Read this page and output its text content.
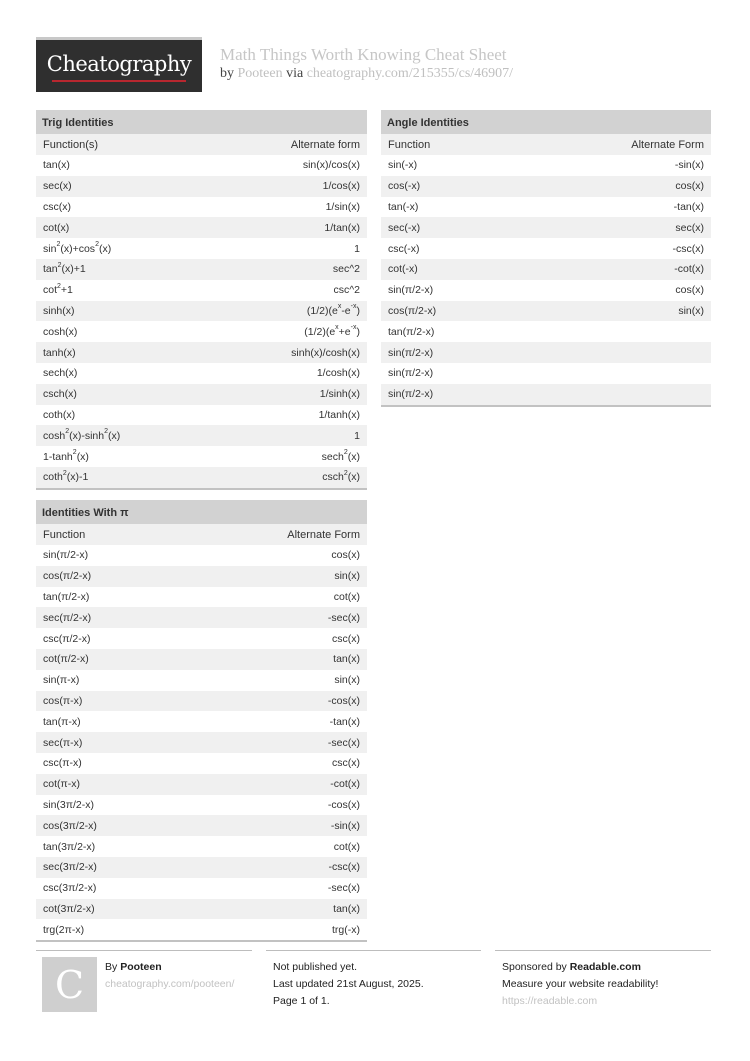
Cheatography	Math Things Worth Knowing Cheat Sheet
by Pooteen via cheatography.com/215355/cs/46907/
Trig Identities
Function(s)	Alternate form
tan(x)	sin(x)/cos(x)
sec(x)	1/cos(x)
csc(x)	1/sin(x)
cot(x)	1/tan(x)
$\sin^2(x)+\cos^2(x)$	1
$\tan^2(x)+1$	sec^2
$\cot^2+1$	csc^2
sinh(x)	$(1/2)(e^x-e^{-x})$
cosh(x)	$(1/2)(e^x+e^{-x})$
tanh(x)	sinh(x)/cosh(x)
sech(x)	1/cosh(x)
csch(x)	1/sinh(x)
coth(x)	1/tanh(x)
$\cosh^2(x)-\sinh^2(x)$	1
$1-\tanh^2(x)$	sech$^2$(x)
coth$^2$(x)-1	csch$^2$(x)
Identities With π
Function	Alternate Form
sin(π/2-x)	cos(x)
cos(π/2-x)	sin(x)
tan(π/2-x)	cot(x)
sec(π/2-x)	-sec(x)
csc(π/2-x)	csc(x)
cot(π/2-x)	tan(x)
sin(π-x)	sin(x)
cos(π-x)	-cos(x)
tan(π-x)	-tan(x)
sec(π-x)	-sec(x)
csc(π-x)	csc(x)
cot(π-x)	-cot(x)
sin(3π/2-x)	-cos(x)
cos(3π/2-x)	-sin(x)
tan(3π/2-x)	cot(x)
sec(3π/2-x)	-csc(x)
csc(3π/2-x)	-sec(x)
cot(3π/2-x)	tan(x)
trg(2π-x)	trg(-x)
Angle Identities
Function	Alternate Form
sin(-x)	-sin(x)
cos(-x)	cos(x)
tan(-x)	-tan(x)
sec(-x)	sec(x)
csc(-x)	-csc(x)
cot(-x)	-cot(x)
sin(π/2-x)	cos(x)
cos(π/2-x)	sin(x)
tan(π/2-x)
sin(π/2-x)
sin(π/2-x)
sin(π/2-x)
C	By Pooteen
cheatography.com/pooteen/
Not published yet.
Last updated 21st August, 2025.
Page 1 of 1.
Sponsored by Readable.com
Measure your website readability!
https://readable.com
